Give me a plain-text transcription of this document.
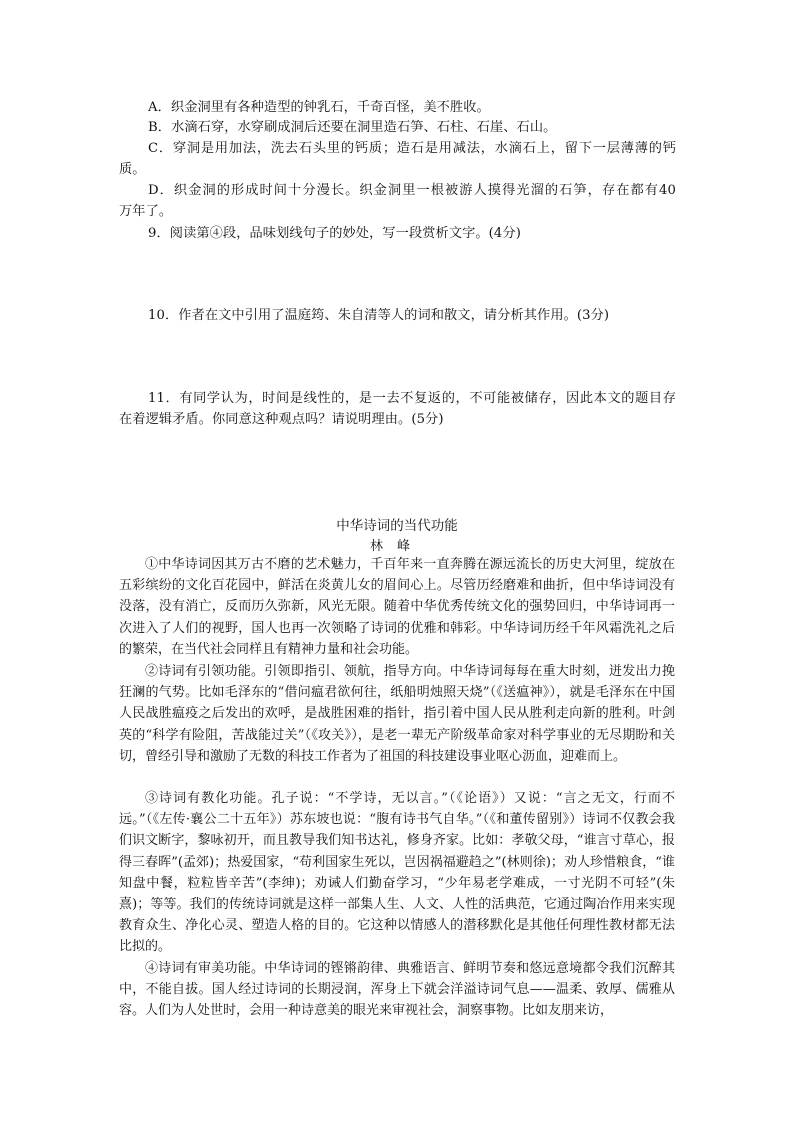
A．织金洞里有各种造型的钟乳石，千奇百怪，美不胜收。
B．水滴石穿，水穿刷成洞后还要在洞里造石笋、石柱、石崖、石山。
C．穿洞是用加法，洗去石头里的钙质；造石是用减法，水滴石上，留下一层薄薄的钙
质。
D．织金洞的形成时间十分漫长。织金洞里一根被游人摸得光溜的石笋，存在都有40
万年了。
9．阅读第④段，品味划线句子的妙处，写一段赏析文字。(4分)
10．作者在文中引用了温庭筠、朱自清等人的词和散文，请分析其作用。(3分)
11．有同学认为，时间是线性的，是一去不复返的，不可能被储存，因此本文的题目存
在着逻辑矛盾。你同意这种观点吗？请说明理由。(5分)
中华诗词的当代功能
林峰
①中华诗词因其万古不磨的艺术魅力，千百年来一直奔腾在源远流长的历史大河里，绽放在五彩缤纷的文化百花园中，鲜活在炎黄儿女的眉间心上。尽管历经磨难和曲折，但中华诗词没有没落，没有消亡，反而历久弥新，风光无限。随着中华优秀传统文化的强势回归，中华诗词再一次进入了人们的视野，国人也再一次领略了诗词的优雅和韩彩。中华诗词历经千年风霜洗礼之后的繁荣，在当代社会同样且有精神力量和社会功能。
②诗词有引领功能。引领即指引、领航，指导方向。中华诗词每每在重大时刻，迸发出力挽狂澜的气势。比如毛泽东的“借问瘟君欲何往，纸船明烛照天烧”（《送瘟神》），就是毛泽东在中国人民战胜瘟疫之后发出的欢呼，是战胜困难的指针，指引着中国人民从胜利走向新的胜利。叶剑英的“科学有险阻，苦战能过关”（《攻关》），是老一辈无产阶级革命家对科学事业的无尽期盼和关切，曾经引导和激励了无数的科技工作者为了祖国的科技建设事业呕心沥血，迎难而上。
③诗词有教化功能。孔子说：“不学诗，无以言。”（《论语》）又说：“言之无文，行而不远。”（《左传·襄公二十五年》）苏东坡也说：“腹有诗书气自华。”（《和董传留别》）诗词不仅教会我们识文断字，黎咏初开，而且教导我们知书达礼，修身齐家。比如：孝敬父母，“谁言寸草心，报得三春晖”(孟郊)；热爱国家，“苟利国家生死以，岂因祸福避趋之”(林则徐)；劝人珍惜粮食，“谁知盘中餐，粒粒皆辛苦”(李绅)；劝诫人们勤奋学习，“少年易老学难成，一寸光阴不可轻”(朱熹)；等等。我们的传统诗词就是这样一部集人生、人文、人性的活典范，它通过陶冶作用来实现教育众生、净化心灵、塑造人格的目的。它这种以情感人的潜移默化是其他任何理性教材都无法比拟的。
④诗词有审美功能。中华诗词的铿锵韵律、典雅语言、鲜明节奏和悠远意境都令我们沉醉其中，不能自拔。国人经过诗词的长期浸润，浑身上下就会洋溢诗词气息——温柔、敦厚、儒雅从容。人们为人处世时，会用一种诗意美的眼光来审视社会，洞察事物。比如友朋来访，
